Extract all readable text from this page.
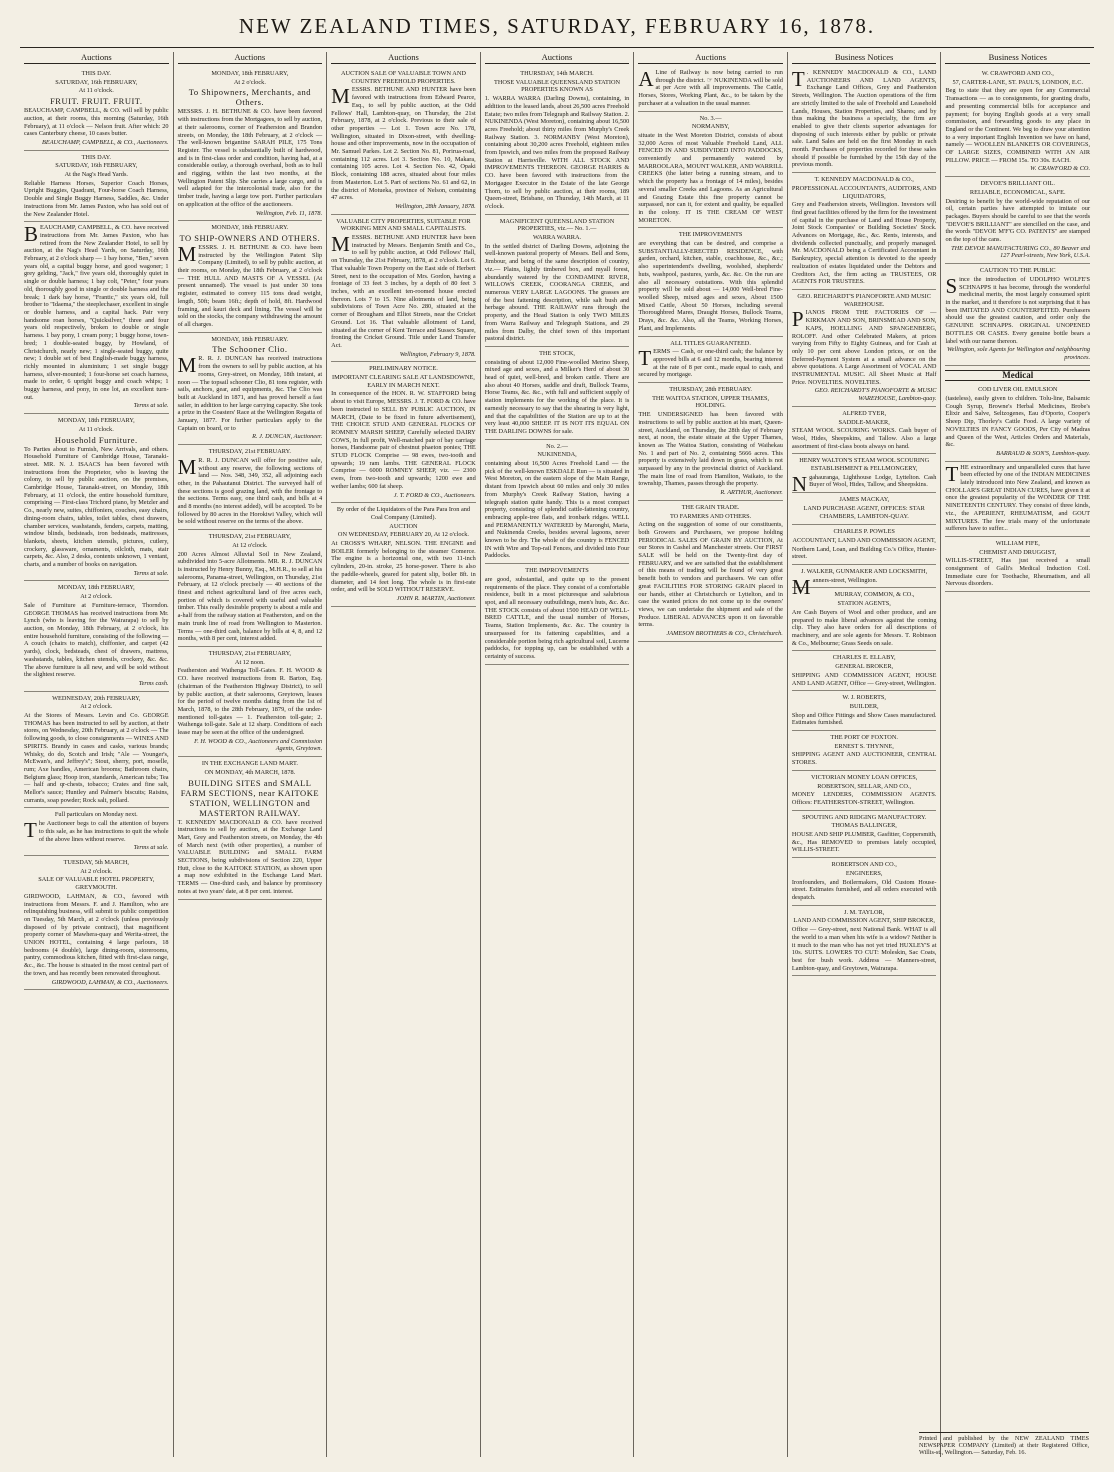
NEW ZEALAND TIMES, SATURDAY, FEBRUARY 16, 1878.
Auctions
THIS DAY.
SATURDAY, 16th FEBRUARY,
At 11 o'clock.
FRUIT. FRUIT. FRUIT.
BEAUCHAMP, CAMPBELL, & CO. will sell by public auction, at their rooms, this morning (Saturday, 16th February), at 11 o'clock — Nelson fruit. After which: 20 cases Canterbury cheese, 10 cases butter.
BEAUCHAMP, CAMPBELL, & CO., Auctioneers.
THIS DAY.
SATURDAY, 16th FEBRUARY,
At the Nag's Head Yards.
Reliable Harness Horses, Superior Coach Horses, Upright Buggies, Quadrant, Four-horse Coach Harness, Double and Single Buggy Harness, Saddles, &c. Under instructions from Mr. James Paxton, who has sold out of the New Zealander Hotel.
BEAUCHAMP, CAMPBELL, & CO. have received instructions from Mr. James Paxton, who has retired from the New Zealander Hotel, to sell by auction, at the Nag's Head Yards, on Saturday, 16th February, at 2 o'clock sharp — 1 bay horse, "Ben," seven years old, a capital buggy horse, and good wagoner; 1 grey gelding, "Jack," five years old, thoroughly quiet in single or double harness; 1 bay colt, "Peter," four years old, thoroughly good in single or double harness and the break; 1 dark bay horse, "Frantic," six years old, full brother to "Idaema," the steeplechaser, excellent in single or double harness, and a capital hack. Pair very handsome roan horses, "Quicksilver," three and four years old respectively, broken to double or single harness. 1 bay pony, 1 cream pony; 1 buggy horse, town-bred; 1 double-seated buggy, by Howland, of Christchurch, nearly new; 1 single-seated buggy, quite new; 1 double set of best English-made buggy harness, richly mounted in aluminium; 1 set single buggy harness, silver-mounted; 1 four-horse set coach harness, made to order, 6 upright buggy and coach whips; 1 buggy harness, and pony, in one lot, an excellent turn-out.
Terms at sale.
MONDAY, 18th FEBRUARY,
At 11 o'clock.
Household Furniture.
To Parties about to Furnish, New Arrivals, and others. Household Furniture of Cambridge House, Taranaki-street. MR. N. J. ISAACS has been favored with instructions from the Proprietor, who is leaving the colony, to sell by public auction, on the premises, Cambridge House, Taranaki-street, on Monday, 18th February, at 11 o'clock, the entire household furniture, comprising — First-class Trichord piano, by Metzler and Co., nearly new, suites, chiffoniers, couches, easy chairs, dining-room chairs, tables, toilet tables, chest drawers, chamber services, washstands, fenders, carpets, matting, window blinds, bedsteads, iron bedsteads, mattresses, blankets, sheets, kitchen utensils, pictures, cutlery, crockery, glassware, ornaments, oilcloth, mats, stair carpets, &c. Also, 2 desks, contents unknown, 1 ventant, charts, and a number of books on navigation.
Terms at sale.
MONDAY, 18th FEBRUARY,
At 2 o'clock.
Sale of Furniture at Furniture-terrace, Thorndon. GEORGE THOMAS has received instructions from Mr. Lynch (who is leaving for the Wairarapa) to sell by auction, on Monday, 18th February, at 2 o'clock, his entire household furniture, consisting of the following — A couch (chairs to match), chiffonier, and carpet (42 yards), clock, bedsteads, chest of drawers, mattress, washstands, tables, kitchen utensils, crockery, &c. &c. The above furniture is all new, and will be sold without the slightest reserve.
Terms cash.
WEDNESDAY, 20th FEBRUARY,
At 2 o'clock.
At the Stores of Messrs. Levin and Co. GEORGE THOMAS has been instructed to sell by auction, at their stores, on Wednesday, 20th February, at 2 o'clock — The following goods, to close consignments — WINES AND SPIRITS. Brandy in cases and casks, various brands; Whisky, do do, Scotch and Irish; "Ale — Younger's, McEwan's, and Jeffrey's"; Stout, sherry, port, moselle, rum; Axe handles, American brooms; Bathroom chairs, Belgium glass; Hoop iron, standards, American tubs; Tea — half and qr-chests, tobacco; Crates and fine salt, Mellor's sauce; Huntley and Palmer's biscuits; Raisins, currants, soap powder; Rock salt, pollard.
Full particulars on Monday next.
The Auctioneer begs to call the attention of buyers to this sale, as he has instructions to quit the whole of the above lines without reserve.
Terms at sale.
TUESDAY, 5th MARCH,
At 2 o'clock.
SALE OF VALUABLE HOTEL PROPERTY, GREYMOUTH.
GIRDWOOD, LAHMAN, & CO., favored with instructions from Messrs. F. and J. Hamilton, who are relinquishing business, will submit to public competition on Tuesday, 5th March, at 2 o'clock (unless previously disposed of by private contract), that magnificent property corner of Mawhera-quay and Werita-street, the UNION HOTEL, containing 4 large parlours, 18 bedrooms (4 double), large dining-room, storerooms, pantry, commodious kitchen, fitted with first-class range, &c., &c. The house is situated in the most central part of the town, and has recently been renovated throughout.
GIRDWOOD, LAHMAN, & CO., Auctioneers.
Auctions
MONDAY, 18th FEBRUARY,
At 2 o'clock.
To Shipowners, Merchants, and Others.
MESSRS. J. H. BETHUNE & CO. have been favored with instructions from the Mortgagees, to sell by auction, at their salerooms, corner of Featherston and Brandon streets, on Monday, the 18th February, at 2 o'clock — The well-known brigantine SARAH PILE, 175 Tons Register. The vessel is substantially built of hardwood, and is in first-class order and condition, having had, at a considerable outlay, a thorough overhaul, both as to hull and rigging, within the last two months, at the Wellington Patent Slip. She carries a large cargo, and is well adapted for the intercolonial trade, also for the timber trade, having a large tow port. Further particulars on application at the office of the auctioneers.
Wellington, Feb. 11, 1878.
MONDAY, 18th FEBRUARY.
TO SHIP-OWNERS AND OTHERS.
MESSRS. J. H. BETHUNE & CO. have been instructed by the Wellington Patent Slip Company (Limited), to sell by public auction, at their rooms, on Monday, the 18th February, at 2 o'clock — THE HULL AND MASTS OF A VESSEL (At present unnamed). The vessel is just under 30 tons register, estimated to convey 115 tons dead weight, length, 50ft; beam 16ft.; depth of hold, 8ft. Hardwood framing, and kauri deck and lining. The vessel will be sold on the stocks, the company withdrawing the amount of all charges.
MONDAY, 18th FEBRUARY.
The Schooner Clio.
M R. R. J. DUNCAN has received instructions from the owners to sell by public auction, at his rooms, Grey-street, on Monday, 18th instant, at noon — The topsail schooner Clio, 81 tons register, with sails, anchors, gear, and equipments, &c. The Clio was built at Auckland in 1871, and has proved herself a fast sailer, in addition to her large carrying capacity. She took a prize in the Coasters' Race at the Wellington Regatta of January, 1877. For further particulars apply to the Captain on board, or to
R. J. DUNCAN, Auctioneer.
THURSDAY, 21st FEBRUARY.
M R. R. J. DUNCAN will offer for positive sale, without any reserve, the following sections of land — Nos. 348, 349, 352, all adjoining each other, in the Pahautanui District. The surveyed half of these sections is good grazing land, with the frontage to the sections. Terms easy, one third cash, and bills at 4 and 8 months (no interest added), will be accepted. To be followed by 80 acres in the Horokiwi Valley, which will be sold without reserve on the terms of the above.
THURSDAY, 21st FEBRUARY,
At 12 o'clock.
200 Acres Almost Alluvial Soil in New Zealand, subdivided into 5-acre Allotments. MR. R. J. DUNCAN is instructed by Henry Bunny, Esq., M.H.R., to sell at his salerooms, Panama-street, Wellington, on Thursday, 21st February, at 12 o'clock precisely — 40 sections of the finest and richest agricultural land of five acres each, portion of which is covered with useful and valuable timber. This really desirable property is about a mile and a-half from the railway station at Featherston, and on the main trunk line of road from Wellington to Masterton. Terms — one-third cash, balance by bills at 4, 8, and 12 months, with 8 per cent, interest added.
THURSDAY, 21st FEBRUARY,
At 12 noon.
Featherston and Waihenga Toll-Gates. F. H. WOOD & CO. have received instructions from R. Barton, Esq. (chairman of the Featherston Highway District), to sell by public auction, at their salerooms, Greytown, leases for the period of twelve months dating from the 1st of March, 1878, to the 28th February, 1879, of the under-mentioned toll-gates — 1. Featherston toll-gate; 2. Waihenga toll-gate. Sale at 12 sharp. Conditions of each lease may be seen at the office of the undersigned.
F. H. WOOD & CO., Auctioneers and Commission Agents, Greytown.
IN THE EXCHANGE LAND MART.
ON MONDAY, 4th MARCH, 1878.
BUILDING SITES and SMALL FARM SECTIONS, near KAITOKE STATION, WELLINGTON and MASTERTON RAILWAY.
T. KENNEDY MACDONALD & CO. have received instructions to sell by auction, at the Exchange Land Mart, Grey and Featherston streets, on Monday, the 4th of March next (with other properties), a number of VALUABLE BUILDING and SMALL FARM SECTIONS, being subdivisions of Section 220, Upper Hutt, close to the KAITOKE STATION, as shown upon a map now exhibited in the Exchange Land Mart. TERMS — One-third cash, and balance by promissory notes at two years' date, at 8 per cent. interest.
Auctions
AUCTION SALE OF VALUABLE TOWN AND COUNTRY FREEHOLD PROPERTIES.
MESSRS. BETHUNE AND HUNTER have been favored with instructions from Edward Pearce, Esq., to sell by public auction, at the Odd Fellows' Hall, Lambton-quay, on Thursday, the 21st February, 1878, at 2 o'clock. Previous to their sale of other properties — Lot 1. Town acre No. 178, Wellington, situated in Dixon-street, with dwelling-house and other improvements, now in the occupation of Mr. Samuel Parkes. Lot 2. Section No. 81, Porirua-road, containing 112 acres. Lot 3. Section No. 10, Makara, containing 105 acres. Lot 4. Section No. 42, Opaki Block, containing 188 acres, situated about four miles from Masterton. Lot 5. Part of sections No. 61 and 62, in the district of Motueka, province of Nelson, containing 47 acres.
Wellington, 28th January, 1878.
VALUABLE CITY PROPERTIES, SUITABLE FOR WORKING MEN AND SMALL CAPITALISTS.
MESSRS. BETHUNE AND HUNTER have been instructed by Messrs. Benjamin Smith and Co., to sell by public auction, at Odd Fellows' Hall, on Thursday, the 21st February, 1878, at 2 o'clock. Lot 6. That valuable Town Property on the East side of Herbert Street, next to the occupation of Mrs. Gordon, having a frontage of 33 feet 3 inches, by a depth of 80 feet 3 inches, with an excellent ten-roomed house erected thereon. Lots 7 to 15. Nine allotments of land, being subdivisions of Town Acre No. 280, situated at the corner of Brougham and Elliot Streets, near the Cricket Ground. Lot 16. That valuable allotment of Land, situated at the corner of Kent Terrace and Sussex Square, fronting the Cricket Ground. Title under Land Transfer Act.
Wellington, February 9, 1878.
PRELIMINARY NOTICE.
IMPORTANT CLEARING SALE AT LANDSDOWNE, EARLY IN MARCH NEXT.
In consequence of the HON. R. W. STAFFORD being about to visit Europe, MESSRS. J. T. FORD & CO. have been instructed to SELL BY PUBLIC AUCTION, IN MARCH, (Date to be fixed in future advertisement), THE CHOICE STUD AND GENERAL FLOCKS OF ROMNEY MARSH SHEEP, Carefully selected DAIRY COWS, In full profit, Well-matched pair of bay carriage horses, Handsome pair of chestnut phaeton ponies; THE STUD FLOCK Comprise — 98 ewes, two-tooth and upwards; 19 ram lambs. THE GENERAL FLOCK Comprise — 6000 ROMNEY SHEEP, viz. — 2300 ewes, from two-tooth and upwards; 1200 ewe and wether lambs; 600 fat sheep.
J. T. FORD & CO., Auctioneers.
By order of the Liquidators of the Para Para Iron and Coal Company (Limited).
AUCTION
ON WEDNESDAY, FEBRUARY 20, At 12 o'clock.
At CROSS'S WHARF, NELSON. THE ENGINE and BOILER formerly belonging to the steamer Comerce. The engine is a horizontal one, with two 11-inch cylinders, 20-in. stroke, 25 horse-power. There is also the paddle-wheels, geared for patent slip, boiler 8ft. in diameter, and 14 feet long. The whole is in first-rate order, and will be SOLD WITHOUT RESERVE.
JOHN R. MARTIN, Auctioneer.
Auctions
THURSDAY, 14th MARCH.
THOSE VALUABLE QUEENSLAND STATION PROPERTIES KNOWN AS
1. WARRA WARRA (Darling Downs), containing, in addition to the leased lands, about 26,500 acres Freehold Estate; two miles from Telegraph and Railway Station. 2. NUKINENDA (West Moreton), containing about 16,500 acres Freehold; about thirty miles from Murphy's Creek Railway Station. 3. NORMANBY (West Moreton), containing about 30,200 acres Freehold, eighteen miles from Ipswich, and two miles from the proposed Railway Station at Harrisville. WITH ALL STOCK AND IMPROVEMENTS THEREON. GEORGE HARRIS & CO. have been favored with instructions from the Mortgagee Executor in the Estate of the late George Thorn, to sell by public auction, at their rooms, 189 Queen-street, Brisbane, on Thursday, 14th March, at 11 o'clock.
MAGNIFICENT QUEENSLAND STATION PROPERTIES, viz.— No. 1.—
WARRA WARRA.
In the settled district of Darling Downs, adjoining the well-known pastoral property of Messrs. Bell and Sons, Jimbour, and being of the same description of country, viz.— Plains, lightly timbered box, and myall forest, abundantly watered by the CONDAMINE RIVER, WILLOWS CREEK, COORANGA CREEK, and numerous VERY LARGE LAGOONS. The grasses are of the best fattening description, while salt bush and herbage abound. THE RAILWAY runs through the property, and the Head Station is only TWO MILES from Warra Railway and Telegraph Stations, and 29 miles from Dalby, the chief town of this important pastoral district.
THE STOCK,
consisting of about 12,000 Fine-woolled Merino Sheep, mixed age and sexes, and a Milker's Herd of about 30 head of quiet, well-bred, and broken cattle. There are also about 40 Horses, saddle and draft, Bullock Teams, Horse Teams, &c. &c., with full and sufficient supply of station implements for the working of the place. It is earnestly necessary to say that the shearing is very light, and that the capabilities of the Station are up to at the very least 40,000 SHEEP. IT IS NOT ITS EQUAL ON THE DARLING DOWNS for sale.
No. 2.—
NUKINENDA,
containing about 16,500 Acres Freehold Land — the pick of the well-known ESKDALE Run — is situated in West Moreton, on the eastern slope of the Main Range, distant from Ipswich about 60 miles and only 30 miles from Murphy's Creek Railway Station, having a telegraph station quite handy. This is a most compact property, consisting of splendid cattle-fattening country, embracing apple-tree flats, and ironbark ridges. WELL and PERMANENTLY WATERED by Maronghi, Maria, and Nukinenda Creeks, besides several lagoons, never known to be dry. The whole of the country is FENCED IN with Wire and Top-rail Fences, and divided into Four Paddocks.
THE IMPROVEMENTS
are good, substantial, and quite up to the present requirements of the place. They consist of a comfortable residence, built in a most picturesque and salubrious spot, and all necessary outbuildings, men's huts, &c. &c. THE STOCK consists of about 1500 HEAD OF WELL-BRED CATTLE, and the usual number of Horses, Teams, Station Implements, &c. &c. The country is unsurpassed for its fattening capabilities, and a considerable portion being rich agricultural soil, Lucerne paddocks, for topping up, can be established with a certainty of success.
Auctions
A Line of Railway is now being carried to run through the district. ☞ NUKINENDA will be sold at per Acre with all improvements. The Cattle, Horses, Stores, Working Plant, &c., to be taken by the purchaser at a valuation in the usual manner.
No. 3.—
NORMANBY,
situate in the West Moreton District, consists of about 32,000 Acres of most Valuable Freehold Land, ALL FENCED IN AND SUBDIVIDED INTO PADDOCKS, conveniently and permanently watered by MARROOLARA, MOUNT WALKER, AND WARRILL CREEKS (the latter being a running stream, and to which the property has a frontage of 14 miles), besides several smaller Creeks and Lagoons. As an Agricultural and Grazing Estate this fine property cannot be surpassed, nor can it, for extent and quality, be equalled in the colony. IT IS THE CREAM OF WEST MORETON.
THE IMPROVEMENTS
are everything that can be desired, and comprise a SUBSTANTIALLY-ERECTED RESIDENCE, with garden, orchard, kitchen, stable, coachhouse, &c., &c.; also superintendent's dwelling, woolshed, shepherds' huts, washpool, pastures, yards, &c. &c. On the run are also all necessary outstations. With this splendid property will be sold about — 14,000 Well-bred Fine-woolled Sheep, mixed ages and sexes, About 1500 Mixed Cattle, About 50 Horses, including several Thoroughbred Mares, Draught Horses, Bullock Teams, Drays, &c. &c. Also, all the Teams, Working Horses, Plant, and Implements.
ALL TITLES GUARANTEED.
TERMS — Cash, or one-third cash; the balance by approved bills at 6 and 12 months, bearing interest at the rate of 8 per cent., made equal to cash, and secured by mortgage.
THURSDAY, 28th FEBRUARY.
THE WAITOA STATION, UPPER THAMES, HOLDING.
THE UNDERSIGNED has been favored with instructions to sell by public auction at his mart, Queen-street, Auckland, on Thursday, the 28th day of February next, at noon, the estate situate at the Upper Thames, known as The Waitoa Station, consisting of Waihekau No. 1 and part of No. 2, containing 5666 acres. This property is extensively laid down in grass, which is not surpassed by any in the provincial district of Auckland. The main line of road from Hamilton, Waikato, to the township, Thames, passes through the property.
R. ARTHUR, Auctioneer.
THE GRAIN TRADE.
TO FARMERS AND OTHERS.
Acting on the suggestion of some of our constituents, both Growers and Purchasers, we propose holding PERIODICAL SALES OF GRAIN BY AUCTION, At our Stores in Cashel and Manchester streets. Our FIRST SALE will be held on the Twenty-first day of FEBRUARY, and we are satisfied that the establishment of this means of trading will be found of very great benefit both to vendors and purchasers. We can offer great FACILITIES FOR STORING GRAIN placed in our hands, either at Christchurch or Lyttelton, and in case the wanted prices do not come up to the owners' views, we can undertake the shipment and sale of the Produce. LIBERAL ADVANCES upon it on favorable terms.
JAMESON BROTHERS & CO., Christchurch.
Business Notices
T . KENNEDY MACDONALD & CO., LAND AUCTIONEERS AND LAND AGENTS, Exchange Land Offices, Grey and Featherston Streets, Wellington. The Auction operations of the firm are strictly limited to the sale of Freehold and Leasehold Lands, Houses, Station Properties, and Shares; and by thus making the business a specialty, the firm are enabled to give their clients superior advantages for disposing of such interests either by public or private sale. Land Sales are held on the first Monday in each month. Purchases of properties recorded for these sales should if possible be furnished by the 15th day of the previous month.
T. KENNEDY MACDONALD & CO.,
PROFESSIONAL ACCOUNTANTS, AUDITORS, AND LIQUIDATORS,
Grey and Featherston streets, Wellington. Investors will find great facilities offered by the firm for the investment of capital in the purchase of Land and House Property, Joint Stock Companies' or Building Societies' Stock. Advances on Mortgage, &c., &c. Rents, interests, and dividends collected punctually, and properly managed. Mr. MACDONALD being a Certificated Accountant in Bankruptcy, special attention is devoted to the speedy realization of estates liquidated under the Debtors and Creditors Act, the firm acting as TRUSTEES, OR AGENTS FOR TRUSTEES.
GEO. REICHARDT'S PIANOFORTE AND MUSIC WAREHOUSE.
PIANOS FROM THE FACTORIES OF — KIRKMAN AND SON, BRINSMEAD AND SON, KAPS, HOELLING AND SPANGENBERG, ROLOFF. And other Celebrated Makers, at prices varying from Fifty to Eighty Guineas, and for Cash at only 10 per cent above London prices, or on the Deferred-Payment System at a small advance on the above quotations. A Large Assortment of VOCAL AND INSTRUMENTAL MUSIC. All Sheet Music at Half Price. NOVELTIES. NOVELTIES.
GEO. REICHARDT'S PIANOFORTE & MUSIC WAREHOUSE, Lambton-quay.
ALFRED TYER,
SADDLE-MAKER,
STEAM WOOL SCOURING WORKS. Cash buyer of Wool, Hides, Sheepskins, and Tallow. Also a large assortment of first-class boots always on hand.
HENRY WALTON'S STEAM WOOL SCOURING ESTABLISHMENT & FELLMONGERY,
Ngahauranga, Lighthouse Lodge, Lyttelton. Cash Buyer of Wool, Hides, Tallow, and Sheepskins.
JAMES MACKAY,
LAND PURCHASE AGENT, OFFICES: STAR CHAMBERS, LAMBTON-QUAY.
CHARLES P. POWLES
ACCOUNTANT, LAND AND COMMISSION AGENT,
Northern Land, Loan, and Building Co.'s Office, Hunter-street.
J. WALKER, GUNMAKER AND LOCKSMITH,
Manners-street, Wellington.
MURRAY, COMMON, & CO.,
STATION AGENTS,
Are Cash Buyers of Wool and other produce, and are prepared to make liberal advances against the coming clip. They also have orders for all descriptions of machinery, and are sole agents for Messrs. T. Robinson & Co., Melbourne; Grass Seeds on sale.
CHARLES E. ELLABY,
GENERAL BROKER,
SHIPPING AND COMMISSION AGENT, HOUSE AND LAND AGENT, Office — Grey-street, Wellington.
W. J. ROBERTS,
BUILDER,
Shop and Office Fittings and Show Cases manufactured. Estimates furnished.
THE PORT OF FOXTON.
ERNEST S. THYNNE,
SHIPPING AGENT AND AUCTIONEER, CENTRAL STORES.
VICTORIAN MONEY LOAN OFFICES,
ROBERTSON, SELLAR, AND CO.,
MONEY LENDERS, COMMISSION AGENTS. Offices: FEATHERSTON-STREET, Wellington.
SPOUTING AND RIDGING MANUFACTORY.
THOMAS BALLINGER,
HOUSE AND SHIP PLUMBER, Gasfitter, Coppersmith, &c., Has REMOVED to premises lately occupied, WILLIS-STREET.
ROBERTSON AND CO.,
ENGINEERS,
Ironfounders, and Boilermakers, Old Custom House-street. Estimates furnished, and all orders executed with despatch.
J. M. TAYLOR,
LAND AND COMMISSION AGENT, SHIP BROKER,
Office — Grey-street, next National Bank. WHAT is all the world to a man when his wife is a widow? Neither is it much to the man who has not yet tried HUXLEY'S at 10s. SUITS. LOWERS TO CUT: Moleskin, Sac Coats, best for bush work. Address — Manners-street, Lambton-quay, and Greytown, Wairarapa.
Business Notices
W. CRAWFORD AND CO.,
57, CARTER-LANE, ST. PAUL'S, LONDON, E.C.
Beg to state that they are open for any Commercial Transactions — as to consignments, for granting drafts, and presenting commercial bills for acceptance and payment; for buying English goods at a very small commission, and forwarding goods to any place in England or the Continent. We beg to draw your attention to a very important English Invention we have on hand, namely — WOOLLEN BLANKETS OR COVERINGS, OF LARGE SIZES, COMBINED WITH AN AIR PILLOW. PRICE — FROM 15s. TO 30s. EACH.
W. CRAWFORD & CO.
DEVOE'S BRILLIANT OIL.
RELIABLE, ECONOMICAL, SAFE.
Desiring to benefit by the world-wide reputation of our oil, certain parties have attempted to imitate our packages. Buyers should be careful to see that the words "DEVOE'S BRILLIANT" are stencilled on the case, and the words "DEVOE M'F'G CO. PATENTS" are stamped on the top of the cans.
THE DEVOE MANUFACTURING CO., 80 Beaver and 127 Pearl-streets, New York, U.S.A.
CAUTION TO THE PUBLIC
Since the introduction of UDOLPHO WOLFE'S SCHNAPPS it has become, through the wonderful medicinal merits, the most largely consumed spirit in the market, and it therefore is not surprising that it has been IMITATED AND COUNTERFEITED. Purchasers should use the greatest caution, and order only the GENUINE SCHNAPPS. ORIGINAL UNOPENED BOTTLES OR CASES. Every genuine bottle bears a label with our name thereon.
Wellington, sole Agents for Wellington and neighbouring provinces.
Medical
COD LIVER OIL EMULSION
(tasteless), easily given to children. Tolu-line, Balsamic Cough Syrup, Browne's Herbal Medicines, Brobe's Elixir and Salve, Seltzogenes, Eau d'Oporto, Cooper's Sheep Dip, Thorley's Cattle Food. A large variety of NOVELTIES IN FANCY GOODS, Per City of Madras and Queen of the West, Articles Orders and Materials, &c.
BARRAUD & SON'S, Lambton-quay.
THE extraordinary and unparalleled cures that have been effected by one of the INDIAN MEDICINES lately introduced into New Zealand, and known as CHOLLAR'S GREAT INDIAN CURES, have given it at once the greatest popularity of the WONDER OF THE NINETEENTH CENTURY. They consist of three kinds, viz., the APERIENT, RHEUMATISM, and GOUT MIXTURES. The few trials many of the unfortunate sufferers have to suffer...
WILLIAM FIFE,
CHEMIST AND DRUGGIST,
WILLIS-STREET, Has just received a small consignment of Galli's Medical Induction Coil. Immediate cure for Toothache, Rheumatism, and all Nervous disorders.
Printed and published by the NEW ZEALAND TIMES NEWSPAPER COMPANY (Limited) at their Registered Office, Willis-st., Wellington.— Saturday, Feb. 16.
